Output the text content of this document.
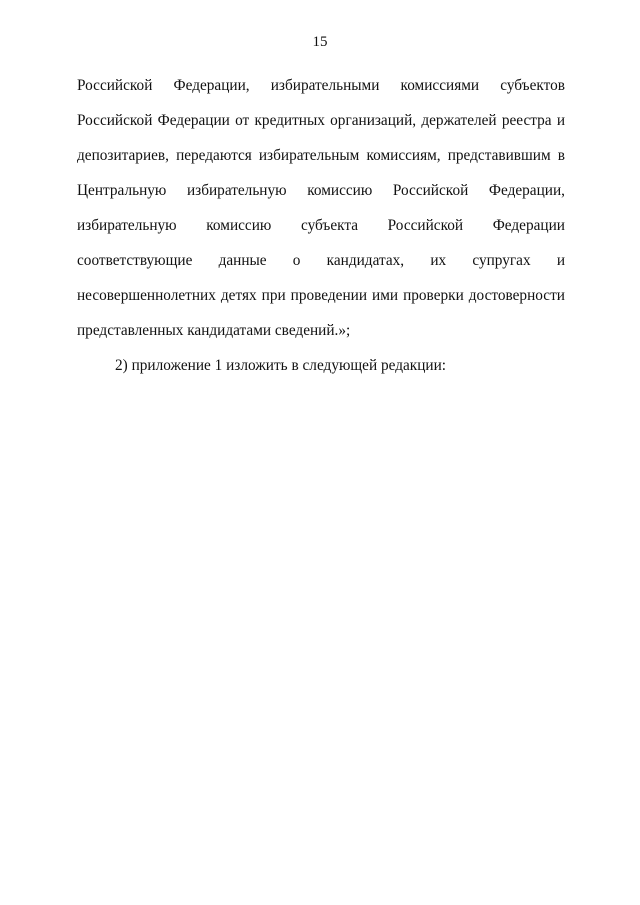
15
Российской Федерации, избирательными комиссиями субъектов
Российской Федерации от кредитных организаций, держателей реестра и
депозитариев, передаются избирательным комиссиям, представившим в
Центральную избирательную комиссию Российской Федерации,
избирательную комиссию субъекта Российской Федерации
соответствующие данные о кандидатах, их супругах и
несовершеннолетних детях при проведении ими проверки достоверности
представленных кандидатами сведений.»;
2) приложение 1 изложить в следующей редакции:
